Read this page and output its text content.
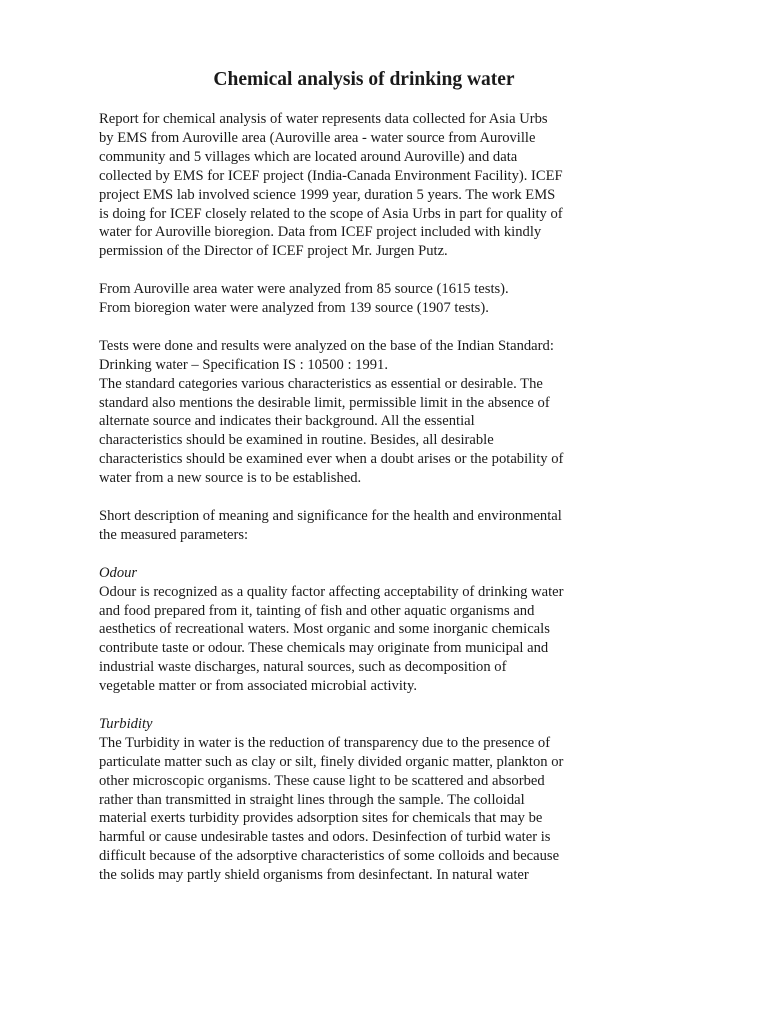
Chemical analysis of drinking water

Report for chemical analysis of water represents data collected for Asia Urbs
by EMS from Auroville area (Auroville area - water source from Auroville
community and 5 villages which are located around Auroville) and data
collected by EMS for ICEF project (India-Canada Environment Facility). ICEF
project EMS lab involved science 1999 year, duration 5 years. The work EMS
is doing for ICEF closely related to the scope of Asia Urbs in part for quality of
water for Auroville bioregion. Data from ICEF project included with kindly
permission of the Director of ICEF project Mr. Jurgen Putz.

From Auroville area water were analyzed from 85 source (1615 tests).
From bioregion water were analyzed from 139 source (1907 tests).

Tests were done and results were analyzed on the base of the Indian Standard:
Drinking water – Specification IS : 10500 : 1991.

The standard categories various characteristics as essential or desirable. The
standard also mentions the desirable limit, permissible limit in the absence of
alternate source and indicates their background. All the essential
characteristics should be examined in routine. Besides, all desirable
characteristics should be examined ever when a doubt arises or the potability of
water from a new source is to be established.

Short description of meaning and significance for the health and environmental
the measured parameters:

Odour

Odour is recognized as a quality factor affecting acceptability of drinking water
and food prepared from it, tainting of fish and other aquatic organisms and
aesthetics of recreational waters. Most organic and some inorganic chemicals
contribute taste or odour. These chemicals may originate from municipal and
industrial waste discharges, natural sources, such as decomposition of
vegetable matter or from associated microbial activity.

Turbidity

The Turbidity in water is the reduction of transparency due to the presence of
particulate matter such as clay or silt, finely divided organic matter, plankton or
other microscopic organisms. These cause light to be scattered and absorbed
rather than transmitted in straight lines through the sample. The colloidal
material exerts turbidity provides adsorption sites for chemicals that may be
harmful or cause undesirable tastes and odors. Desinfection of turbid water is
difficult because of the adsorptive characteristics of some colloids and because
the solids may partly shield organisms from desinfectant. In natural water
